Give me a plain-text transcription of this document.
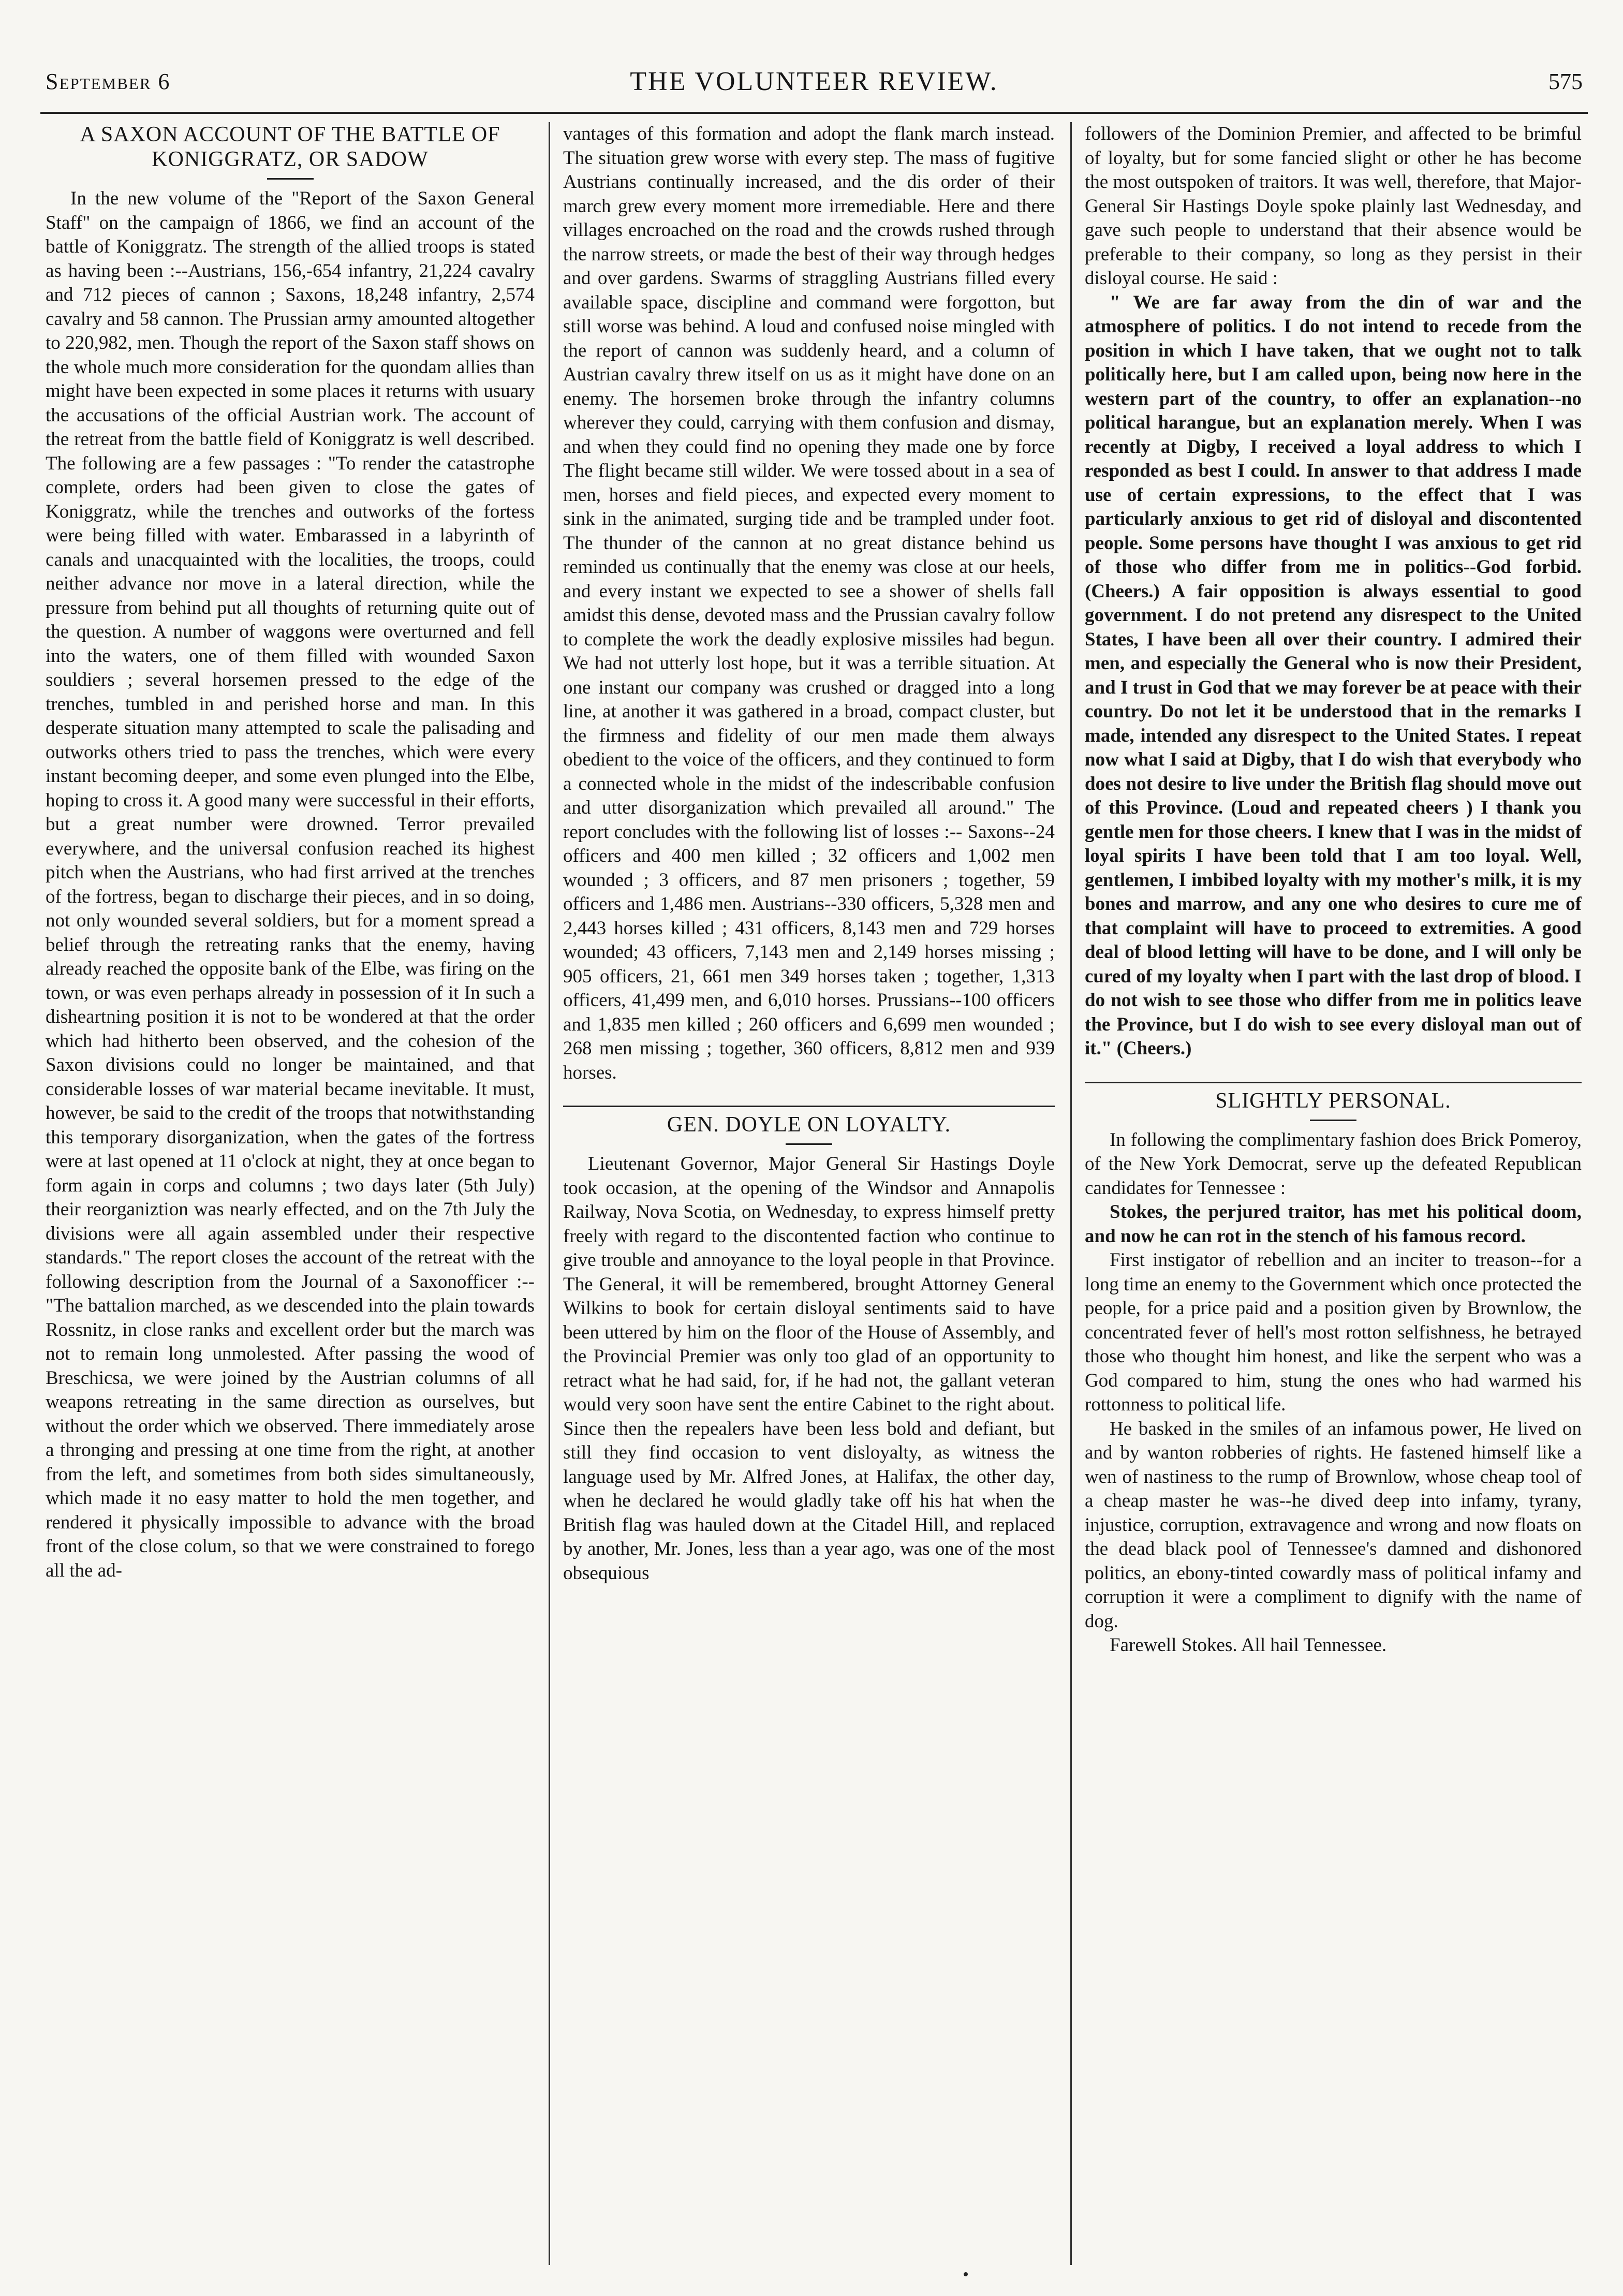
September 6	THE VOLUNTEER REVIEW.	575
A SAXON ACCOUNT OF THE BATTLE OF KONIGGRATZ, OR SADOW

In the new volume of the "Report of the Saxon General Staff" on the campaign of 1866, we find an account of the battle of Koniggratz. The strength of the allied troops is stated as having been :--Austrians, 156,-654 infantry, 21,224 cavalry and 712 pieces of cannon ; Saxons, 18,248 infantry, 2,574 cavalry and 58 cannon. The Prussian army amounted altogether to 220,982, men. Though the report of the Saxon staff shows on the whole much more consideration for the quondam allies than might have been expected in some places it returns with usuary the accusations of the official Austrian work. The account of the retreat from the battle field of Koniggratz is well described. The following are a few passages : "To render the catastrophe complete, orders had been given to close the gates of Koniggratz, while the trenches and outworks of the fortess were being filled with water. Embarassed in a labyrinth of canals and unacquainted with the localities, the troops, could neither advance nor move in a lateral direction, while the pressure from behind put all thoughts of returning quite out of the question. A number of waggons were overturned and fell into the waters, one of them filled with wounded Saxon souldiers ; several horsemen pressed to the edge of the trenches, tumbled in and perished horse and man. In this desperate situation many attempted to scale the palisading and outworks others tried to pass the trenches, which were every instant becoming deeper, and some even plunged into the Elbe, hoping to cross it. A good many were successful in their efforts, but a great number were drowned. Terror prevailed everywhere, and the universal confusion reached its highest pitch when the Austrians, who had first arrived at the trenches of the fortress, began to discharge their pieces, and in so doing, not only wounded several soldiers, but for a moment spread a belief through the retreating ranks that the enemy, having already reached the opposite bank of the Elbe, was firing on the town, or was even perhaps already in possession of it In such a disheartning position it is not to be wondered at that the order which had hitherto been observed, and the cohesion of the Saxon divisions could no longer be maintained, and that considerable losses of war material became inevitable. It must, however, be said to the credit of the troops that notwithstanding this temporary disorganization, when the gates of the fortress were at last opened at 11 o'clock at night, they at once began to form again in corps and columns ; two days later (5th July) their reorganiztion was nearly effected, and on the 7th July the divisions were all again assembled under their respective standards." The report closes the account of the retreat with the following description from the Journal of a Saxonofficer :--"The battalion marched, as we descended into the plain towards Rossnitz, in close ranks and excellent order but the march was not to remain long unmolested. After passing the wood of Breschicsa, we were joined by the Austrian columns of all weapons retreating in the same direction as ourselves, but without the order which we observed. There immediately arose a thronging and pressing at one time from the right, at another from the left, and sometimes from both sides simultaneously, which made it no easy matter to hold the men together, and rendered it physically impossible to advance with the broad front of the close colum, so that we were constrained to forego all the ad-

vantages of this formation and adopt the flank march instead. The situation grew worse with every step. The mass of fugitive Austrians continually increased, and the dis order of their march grew every moment more irremediable. Here and there villages encroached on the road and the crowds rushed through the narrow streets, or made the best of their way through hedges and over gardens. Swarms of straggling Austrians filled every available space, discipline and command were forgotton, but still worse was behind. A loud and confused noise mingled with the report of cannon was suddenly heard, and a column of Austrian cavalry threw itself on us as it might have done on an enemy. The horsemen broke through the infantry columns wherever they could, carrying with them confusion and dismay, and when they could find no opening they made one by force The flight became still wilder. We were tossed about in a sea of men, horses and field pieces, and expected every moment to sink in the animated, surging tide and be trampled under foot. The thunder of the cannon at no great distance behind us reminded us continually that the enemy was close at our heels, and every instant we expected to see a shower of shells fall amidst this dense, devoted mass and the Prussian cavalry follow to complete the work the deadly explosive missiles had begun. We had not utterly lost hope, but it was a terrible situation. At one instant our company was crushed or dragged into a long line, at another it was gathered in a broad, compact cluster, but the firmness and fidelity of our men made them always obedient to the voice of the officers, and they continued to form a connected whole in the midst of the indescribable confusion and utter disorganization which prevailed all around." The report concludes with the following list of losses :-- Saxons--24 officers and 400 men killed ; 32 officers and 1,002 men wounded ; 3 officers, and 87 men prisoners ; together, 59 officers and 1,486 men. Austrians--330 officers, 5,328 men and 2,443 horses killed ; 431 officers, 8,143 men and 729 horses wounded; 43 officers, 7,143 men and 2,149 horses missing ; 905 officers, 21, 661 men 349 horses taken ; together, 1,313 officers, 41,499 men, and 6,010 horses. Prussians--100 officers and 1,835 men killed ; 260 officers and 6,699 men wounded ; 268 men missing ; together, 360 officers, 8,812 men and 939 horses.

GEN. DOYLE ON LOYALTY.

Lieutenant Governor, Major General Sir Hastings Doyle took occasion, at the opening of the Windsor and Annapolis Railway, Nova Scotia, on Wednesday, to express himself pretty freely with regard to the discontented faction who continue to give trouble and annoyance to the loyal people in that Province. The General, it will be remembered, brought Attorney General Wilkins to book for certain disloyal sentiments said to have been uttered by him on the floor of the House of Assembly, and the Provincial Premier was only too glad of an opportunity to retract what he had said, for, if he had not, the gallant veteran would very soon have sent the entire Cabinet to the right about. Since then the repealers have been less bold and defiant, but still they find occasion to vent disloyalty, as witness the language used by Mr. Alfred Jones, at Halifax, the other day, when he declared he would gladly take off his hat when the British flag was hauled down at the Citadel Hill, and replaced by another, Mr. Jones, less than a year ago, was one of the most obsequious

followers of the Dominion Premier, and affected to be brimful of loyalty, but for some fancied slight or other he has become the most outspoken of traitors. It was well, therefore, that Major-General Sir Hastings Doyle spoke plainly last Wednesday, and gave such people to understand that their absence would be preferable to their company, so long as they persist in their disloyal course. He said :

" We are far away from the din of war and the atmosphere of politics. I do not intend to recede from the position in which I have taken, that we ought not to talk politically here, but I am called upon, being now here in the western part of the country, to offer an explanation--no political harangue, but an explanation merely. When I was recently at Digby, I received a loyal address to which I responded as best I could. In answer to that address I made use of certain expressions, to the effect that I was particularly anxious to get rid of disloyal and discontented people. Some persons have thought I was anxious to get rid of those who differ from me in politics--God forbid. (Cheers.) A fair opposition is always essential to good government. I do not pretend any disrespect to the United States, I have been all over their country. I admired their men, and especially the General who is now their President, and I trust in God that we may forever be at peace with their country. Do not let it be understood that in the remarks I made, intended any disrespect to the United States. I repeat now what I said at Digby, that I do wish that everybody who does not desire to live under the British flag should move out of this Province. (Loud and repeated cheers ) I thank you gentle men for those cheers. I knew that I was in the midst of loyal spirits I have been told that I am too loyal. Well, gentlemen, I imbibed loyalty with my mother's milk, it is my bones and marrow, and any one who desires to cure me of that complaint will have to proceed to extremities. A good deal of blood letting will have to be done, and I will only be cured of my loyalty when I part with the last drop of blood. I do not wish to see those who differ from me in politics leave the Province, but I do wish to see every disloyal man out of it." (Cheers.)

SLIGHTLY PERSONAL.

In following the complimentary fashion does Brick Pomeroy, of the New York Democrat, serve up the defeated Republican candidates for Tennessee :

Stokes, the perjured traitor, has met his political doom, and now he can rot in the stench of his famous record.

First instigator of rebellion and an inciter to treason--for a long time an enemy to the Government which once protected the people, for a price paid and a position given by Brownlow, the concentrated fever of hell's most rotton selfishness, he betrayed those who thought him honest, and like the serpent who was a God compared to him, stung the ones who had warmed his rottonness to political life.

He basked in the smiles of an infamous power, He lived on and by wanton robberies of rights. He fastened himself like a wen of nastiness to the rump of Brownlow, whose cheap tool of a cheap master he was--he dived deep into infamy, tyrany, injustice, corruption, extravagence and wrong and now floats on the dead black pool of Tennessee's damned and dishonored politics, an ebony-tinted cowardly mass of political infamy and corruption it were a compliment to dignify with the name of dog.

Farewell Stokes. All hail Tennessee.
